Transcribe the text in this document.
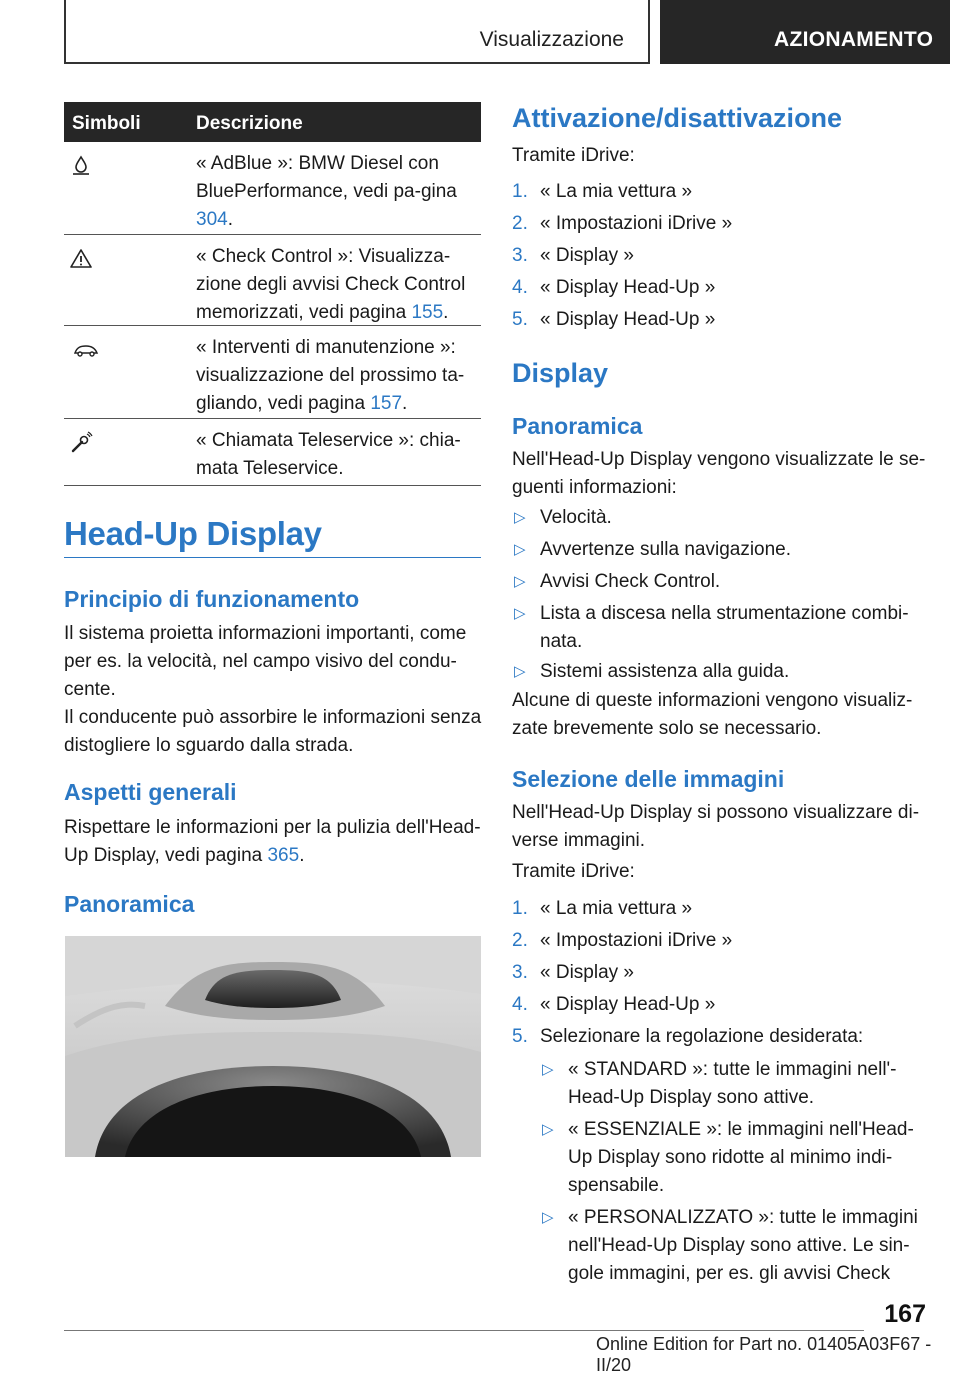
Visualizzazione	AZIONAMENTO
Simboli	Descrizione
« AdBlue »: BMW Diesel con BluePerformance, vedi pa-gina 304.
« Check Control »: Visualizza-zione degli avvisi Check Control memorizzati, vedi pagina 155.
« Interventi di manutenzione »: visualizzazione del prossimo ta-gliando, vedi pagina 157.
« Chiamata Teleservice »: chia-mata Teleservice.
Head-Up Display
Principio di funzionamento
Il sistema proietta informazioni importanti, come per es. la velocità, nel campo visivo del condu-cente.
Il conducente può assorbire le informazioni senza distogliere lo sguardo dalla strada.
Aspetti generali
Rispettare le informazioni per la pulizia dell'Head-Up Display, vedi pagina 365.
Panoramica
Attivazione/disattivazione
Tramite iDrive:
1. « La mia vettura »
2. « Impostazioni iDrive »
3. « Display »
4. « Display Head-Up »
5. « Display Head-Up »
Display
Panoramica
Nell'Head-Up Display vengono visualizzate le se-guenti informazioni:
▷ Velocità.
▷ Avvertenze sulla navigazione.
▷ Avvisi Check Control.
▷ Lista a discesa nella strumentazione combi-nata.
▷ Sistemi assistenza alla guida.
Alcune di queste informazioni vengono visualiz-zate brevemente solo se necessario.
Selezione delle immagini
Nell'Head-Up Display si possono visualizzare di-verse immagini.
Tramite iDrive:
1. « La mia vettura »
2. « Impostazioni iDrive »
3. « Display »
4. « Display Head-Up »
5. Selezionare la regolazione desiderata:
▷ « STANDARD »: tutte le immagini nell'-Head-Up Display sono attive.
▷ « ESSENZIALE »: le immagini nell'Head-Up Display sono ridotte al minimo indi-spensabile.
▷ « PERSONALIZZATO »: tutte le immagini nell'Head-Up Display sono attive. Le sin-gole immagini, per es. gli avvisi Check
167
Online Edition for Part no. 01405A03F67 - II/20
